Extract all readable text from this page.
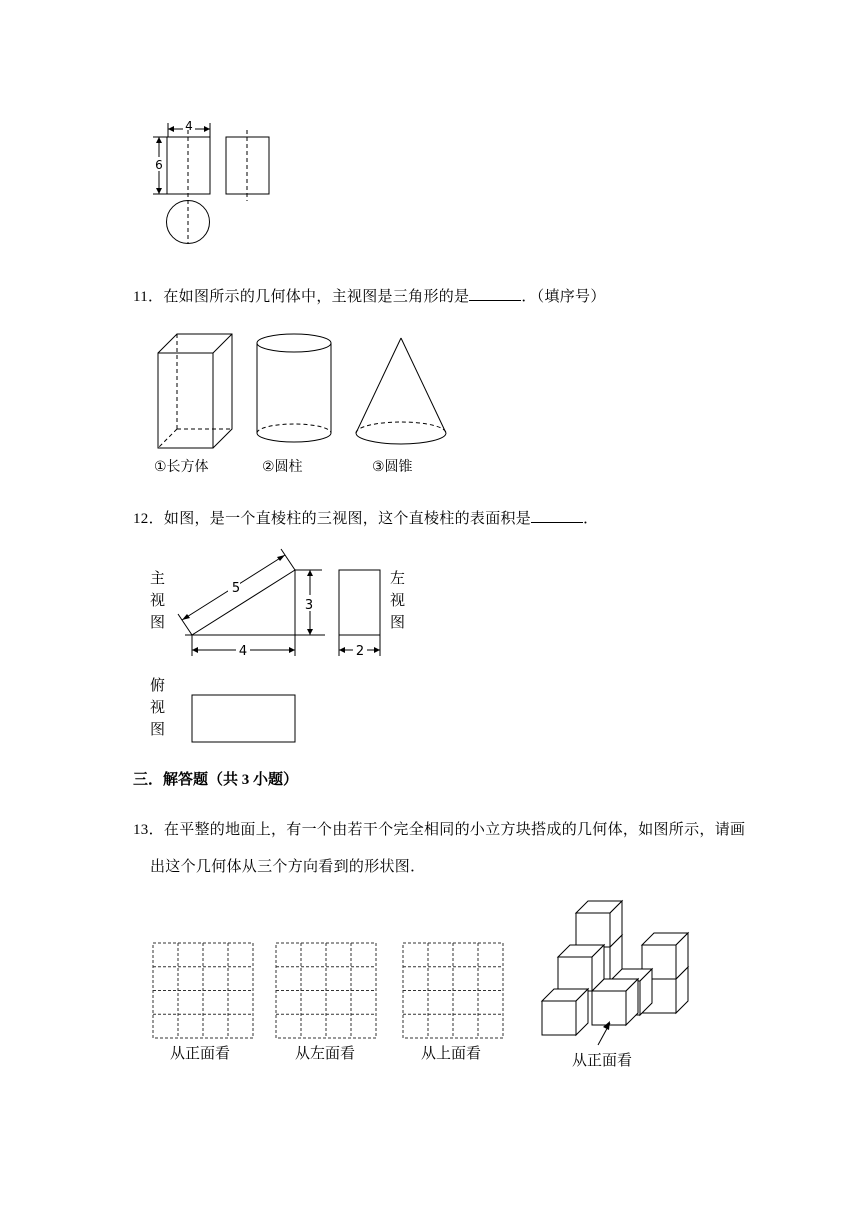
4
6
11．在如图所示的几何体中，主视图是三角形的是	．（填序号）
①长方体	②圆柱	③圆锥
12．如图，是一个直棱柱的三视图，这个直棱柱的表面积是	．
5
3
4	2
主视图
左视图
俯视图
三．解答题（共 3 小题）
13．在平整的地面上，有一个由若干个完全相同的小立方块搭成的几何体，如图所示，请画
出这个几何体从三个方向看到的形状图．
从正面看	从左面看	从上面看	从正面看
